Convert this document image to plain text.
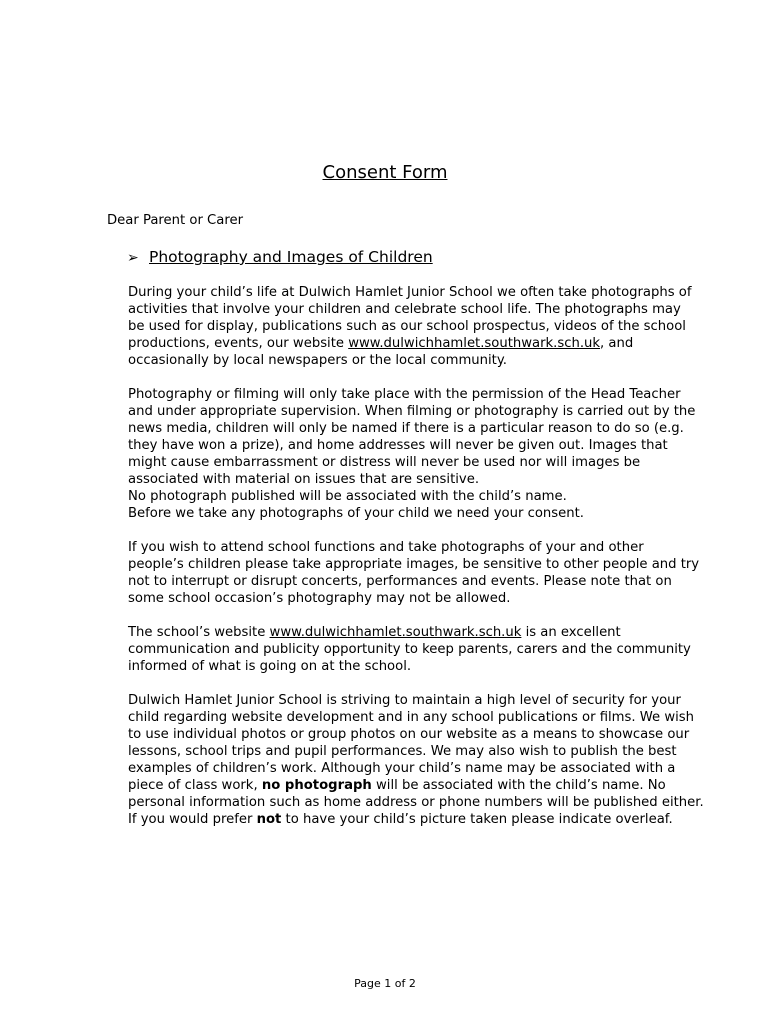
Consent Form
Dear Parent or Carer
➢ Photography and Images of Children

During your child’s life at Dulwich Hamlet Junior School we often take photographs of
activities that involve your children and celebrate school life. The photographs may
be used for display, publications such as our school prospectus, videos of the school
productions, events, our website www.dulwichhamlet.southwark.sch.uk, and
occasionally by local newspapers or the local community.

Photography or filming will only take place with the permission of the Head Teacher
and under appropriate supervision. When filming or photography is carried out by the
news media, children will only be named if there is a particular reason to do so (e.g.
they have won a prize), and home addresses will never be given out. Images that
might cause embarrassment or distress will never be used nor will images be
associated with material on issues that are sensitive.
No photograph published will be associated with the child’s name.
Before we take any photographs of your child we need your consent.

If you wish to attend school functions and take photographs of your and other
people’s children please take appropriate images, be sensitive to other people and try
not to interrupt or disrupt concerts, performances and events. Please note that on
some school occasion’s photography may not be allowed.

The school’s website www.dulwichhamlet.southwark.sch.uk is an excellent
communication and publicity opportunity to keep parents, carers and the community
informed of what is going on at the school.

Dulwich Hamlet Junior School is striving to maintain a high level of security for your
child regarding website development and in any school publications or films. We wish
to use individual photos or group photos on our website as a means to showcase our
lessons, school trips and pupil performances. We may also wish to publish the best
examples of children’s work. Although your child’s name may be associated with a
piece of class work, no photograph will be associated with the child’s name. No
personal information such as home address or phone numbers will be published either.
If you would prefer not to have your child’s picture taken please indicate overleaf.

Page 1 of 2
